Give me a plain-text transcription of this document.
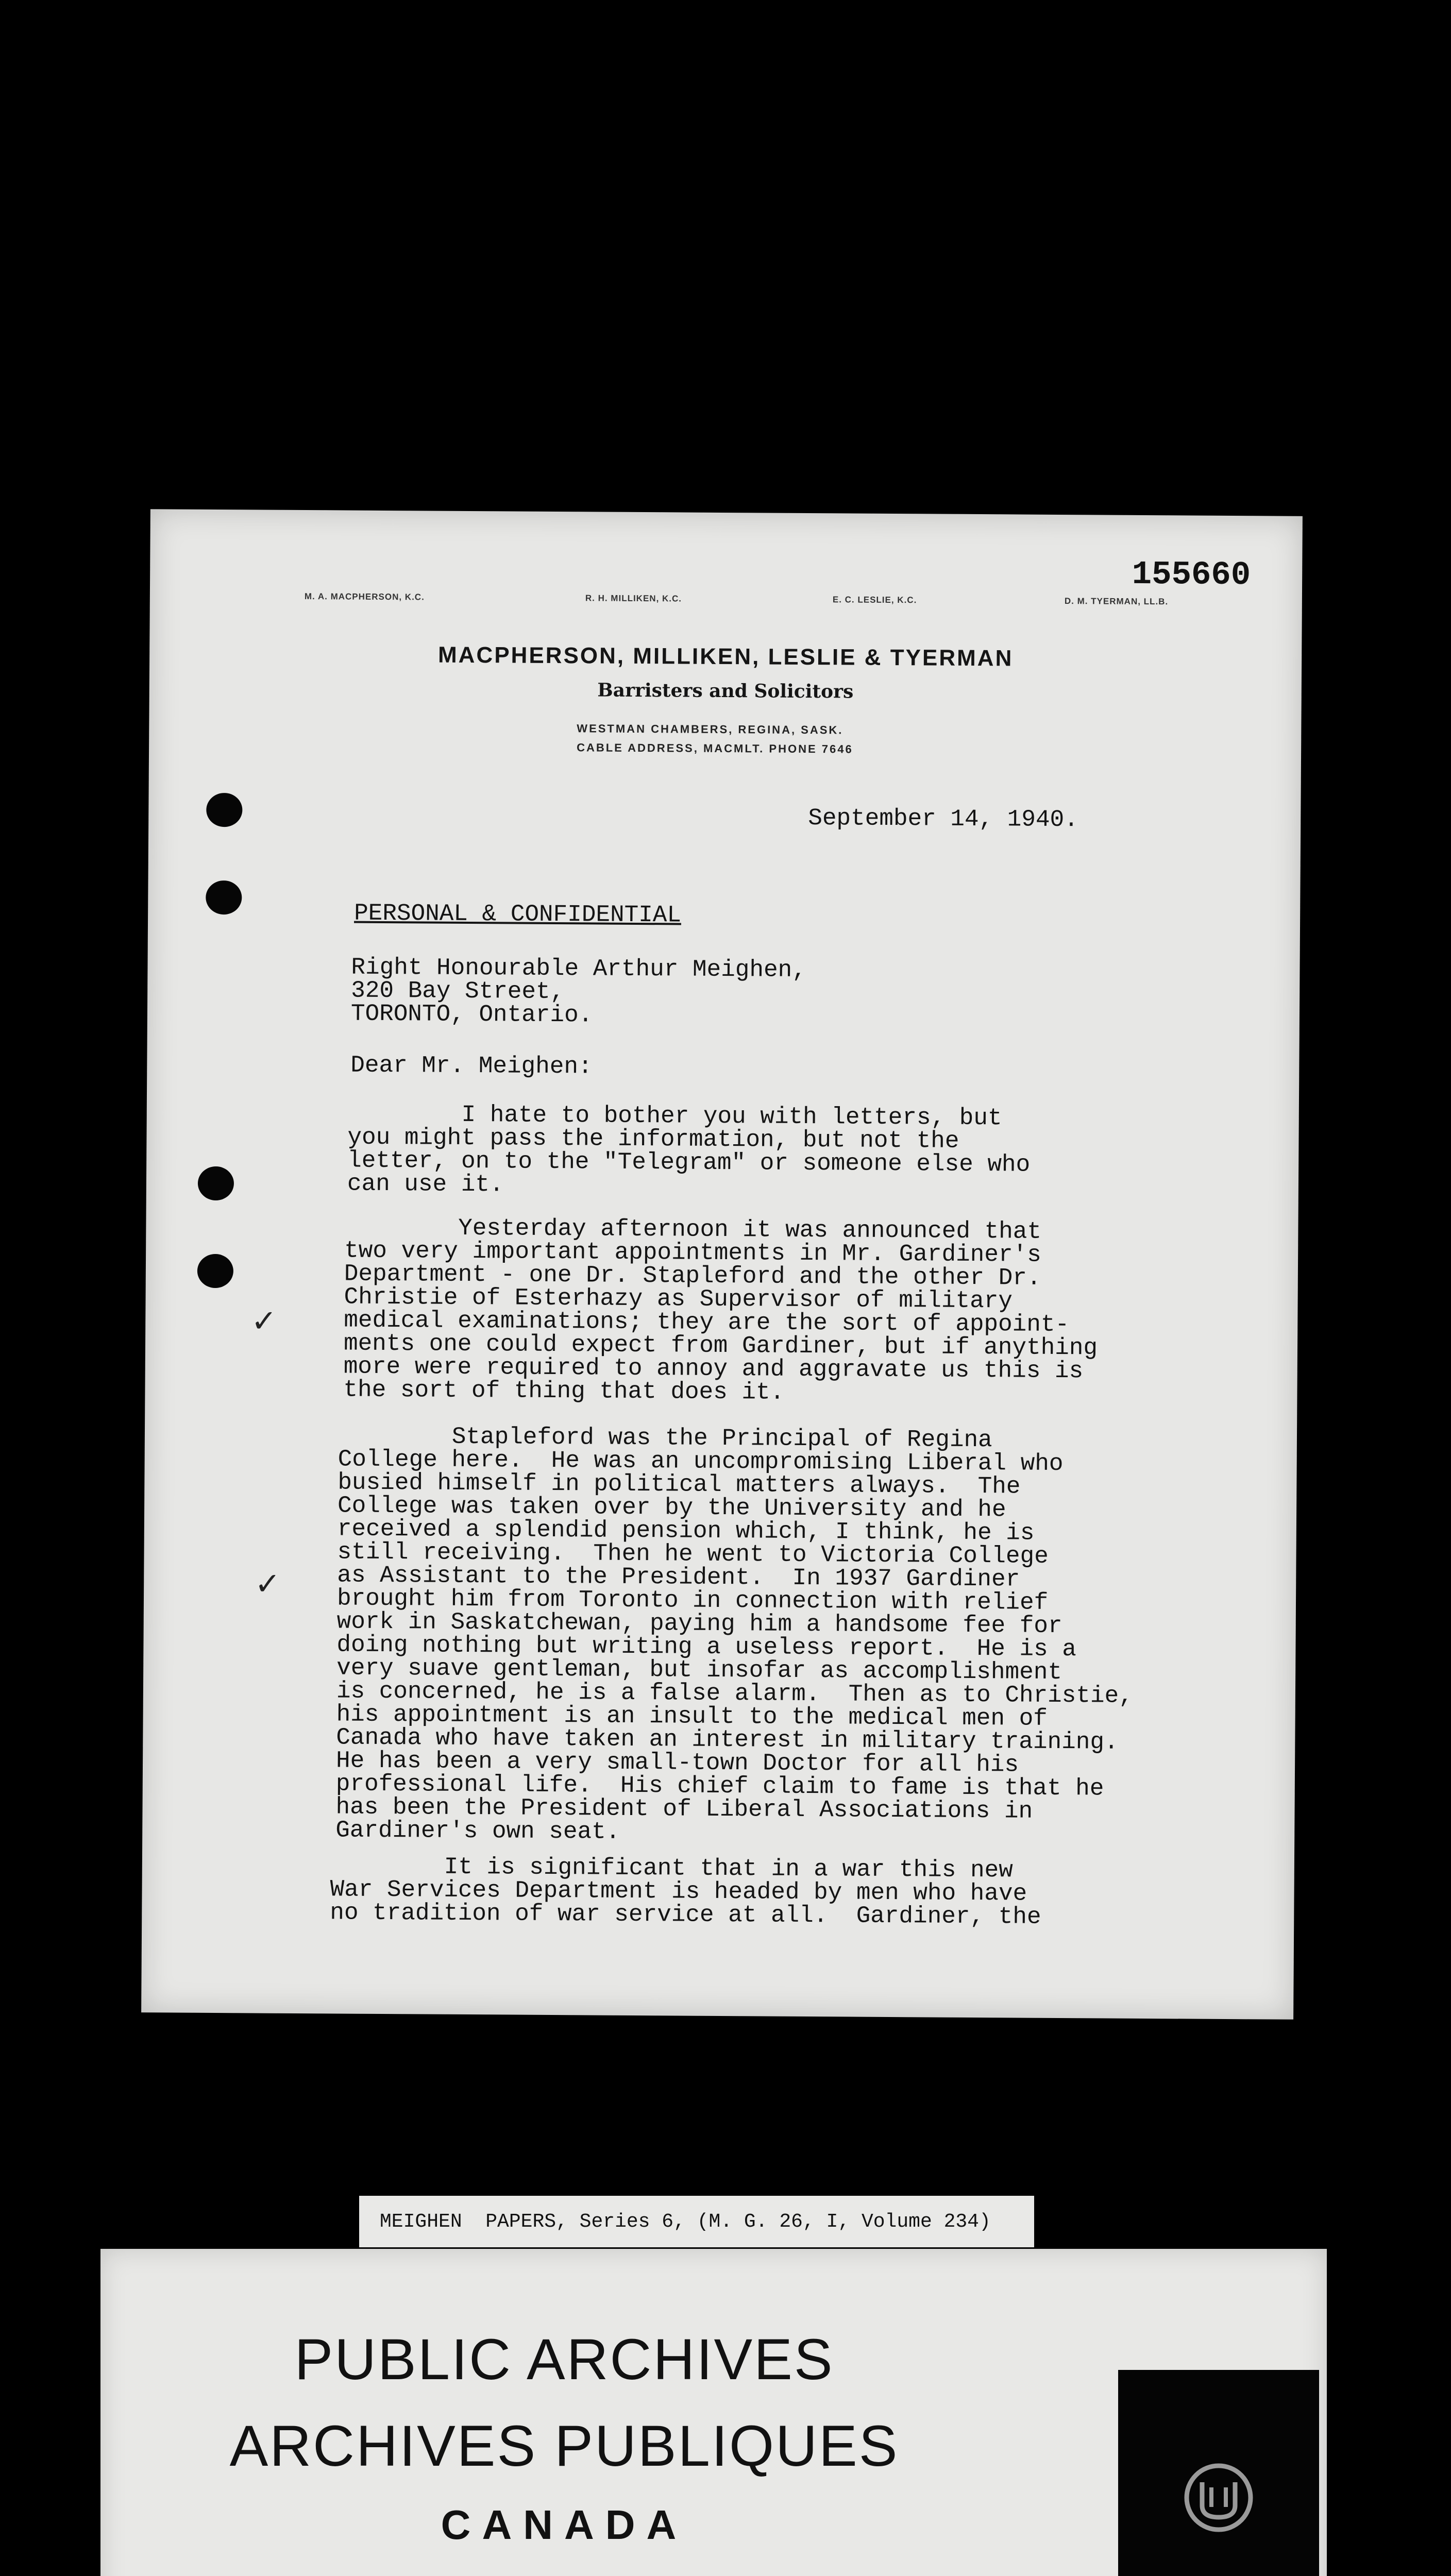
M. A. MACPHERSON, K.C.	R. H. MILLIKEN, K.C.	E. C. LESLIE, K.C.	D. M. TYERMAN, LL.B.
155660
MACPHERSON, MILLIKEN, LESLIE & TYERMAN
Barristers and Solicitors
WESTMAN CHAMBERS, REGINA, SASK.
CABLE ADDRESS, MACMLT. PHONE 7646
September 14, 1940.
PERSONAL & CONFIDENTIAL
Right Honourable Arthur Meighen,
320 Bay Street,
TORONTO, Ontario.
Dear Mr. Meighen:
I hate to bother you with letters, but
you might pass the information, but not the
letter, on to the "Telegram" or someone else who
can use it.
Yesterday afternoon it was announced that
two very important appointments in Mr. Gardiner's
Department - one Dr. Stapleford and the other Dr.
Christie of Esterhazy as Supervisor of military
medical examinations; they are the sort of appoint-
ments one could expect from Gardiner, but if anything
more were required to annoy and aggravate us this is
the sort of thing that does it.
Stapleford was the Principal of Regina
College here.  He was an uncompromising Liberal who
busied himself in political matters always.  The
College was taken over by the University and he
received a splendid pension which, I think, he is
still receiving.  Then he went to Victoria College
as Assistant to the President.  In 1937 Gardiner
brought him from Toronto in connection with relief
work in Saskatchewan, paying him a handsome fee for
doing nothing but writing a useless report.  He is a
very suave gentleman, but insofar as accomplishment
is concerned, he is a false alarm.  Then as to Christie,
his appointment is an insult to the medical men of
Canada who have taken an interest in military training.
He has been a very small-town Doctor for all his
professional life.  His chief claim to fame is that he
has been the President of Liberal Associations in
Gardiner's own seat.
It is significant that in a war this new
War Services Department is headed by men who have
no tradition of war service at all.  Gardiner, the
✓
✓
MEIGHEN  PAPERS, Series 6, (M. G. 26, I, Volume 234)
PUBLIC ARCHIVES
ARCHIVES PUBLIQUES
CANADA
